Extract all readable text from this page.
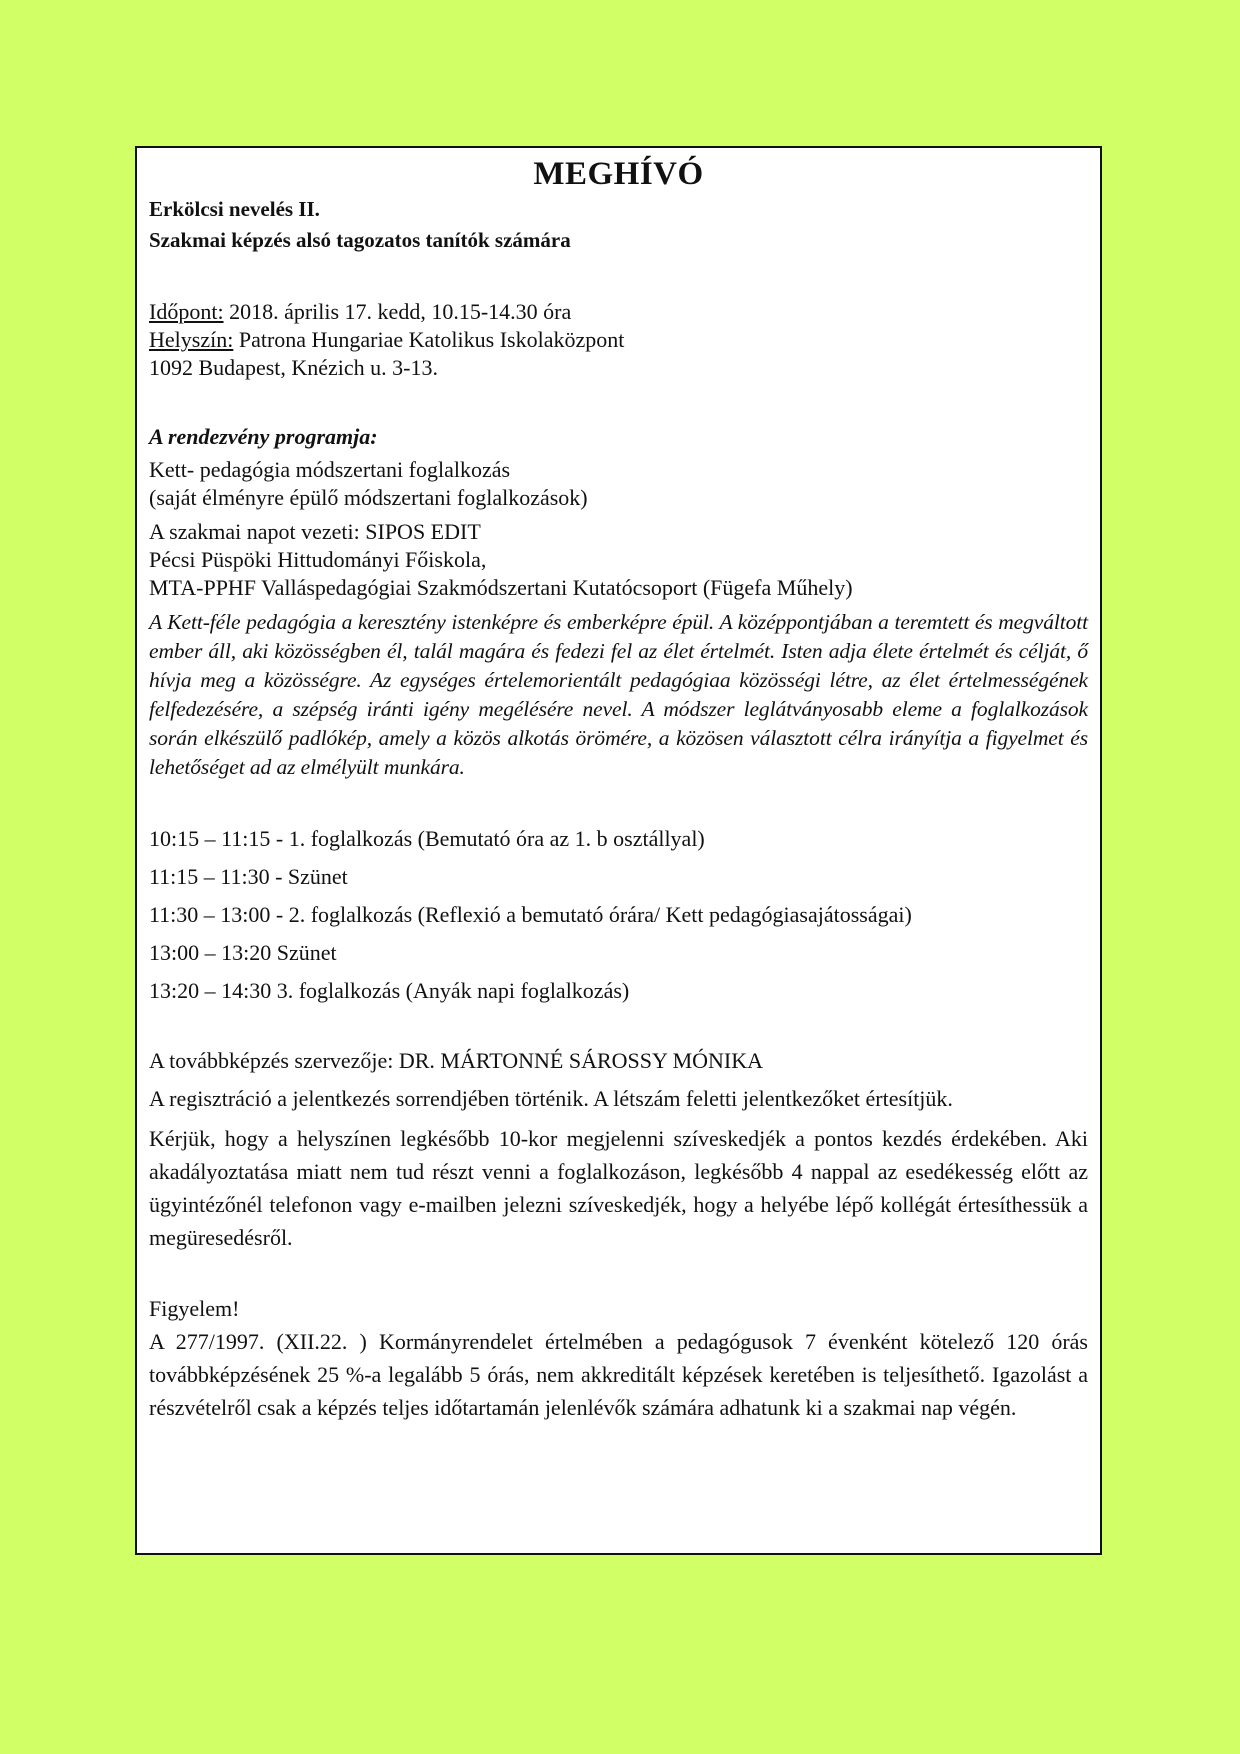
MEGHÍVÓ

Erkölcsi nevelés II.

Szakmai képzés alsó tagozatos tanítók számára

Időpont: 2018. április 17. kedd, 10.15-14.30 óra

Helyszín: Patrona Hungariae Katolikus Iskolaközpont

1092 Budapest, Knézich u. 3-13.

A rendezvény programja:

Kett- pedagógia módszertani foglalkozás

(saját élményre épülő módszertani foglalkozások)

A szakmai napot vezeti: SIPOS EDIT

Pécsi Püspöki Hittudományi Főiskola,

MTA-PPHF Valláspedagógiai Szakmódszertani Kutatócsoport (Fügefa Műhely)

A Kett-féle pedagógia a keresztény istenképre és emberképre épül. A középpontjában a teremtett és megváltott ember áll, aki közösségben él, talál magára és fedezi fel az élet értelmét. Isten adja élete értelmét és célját, ő hívja meg a közösségre. Az egységes értelemorientált pedagógiaa közösségi létre, az élet értelmességének felfedezésére, a szépség iránti igény megélésére nevel. A módszer leglátványosabb eleme a foglalkozások során elkészülő padlókép, amely a közös alkotás örömére, a közösen választott célra irányítja a figyelmet és lehetőséget ad az elmélyült munkára.

10:15 – 11:15 - 1. foglalkozás (Bemutató óra az 1. b osztállyal)

11:15 – 11:30 - Szünet

11:30 – 13:00 - 2. foglalkozás (Reflexió a bemutató órára/ Kett pedagógiasajátosságai)

13:00 – 13:20 Szünet

13:20 – 14:30 3. foglalkozás (Anyák napi foglalkozás)

A továbbképzés szervezője: DR. MÁRTONNÉ SÁROSSY MÓNIKA

A regisztráció a jelentkezés sorrendjében történik. A létszám feletti jelentkezőket értesítjük.

Kérjük, hogy a helyszínen legkésőbb 10-kor megjelenni szíveskedjék a pontos kezdés érdekében. Aki akadályoztatása miatt nem tud részt venni a foglalkozáson, legkésőbb 4 nappal az esedékesség előtt az ügyintézőnél telefonon vagy e-mailben jelezni szíveskedjék, hogy a helyébe lépő kollégát értesíthessük a megüresedésről.

Figyelem!

A 277/1997. (XII.22. ) Kormányrendelet értelmében a pedagógusok 7 évenként kötelező 120 órás továbbképzésének 25 %-a legalább 5 órás, nem akkreditált képzések keretében is teljesíthető. Igazolást a részvételről csak a képzés teljes időtartamán jelenlévők számára adhatunk ki a szakmai nap végén.
